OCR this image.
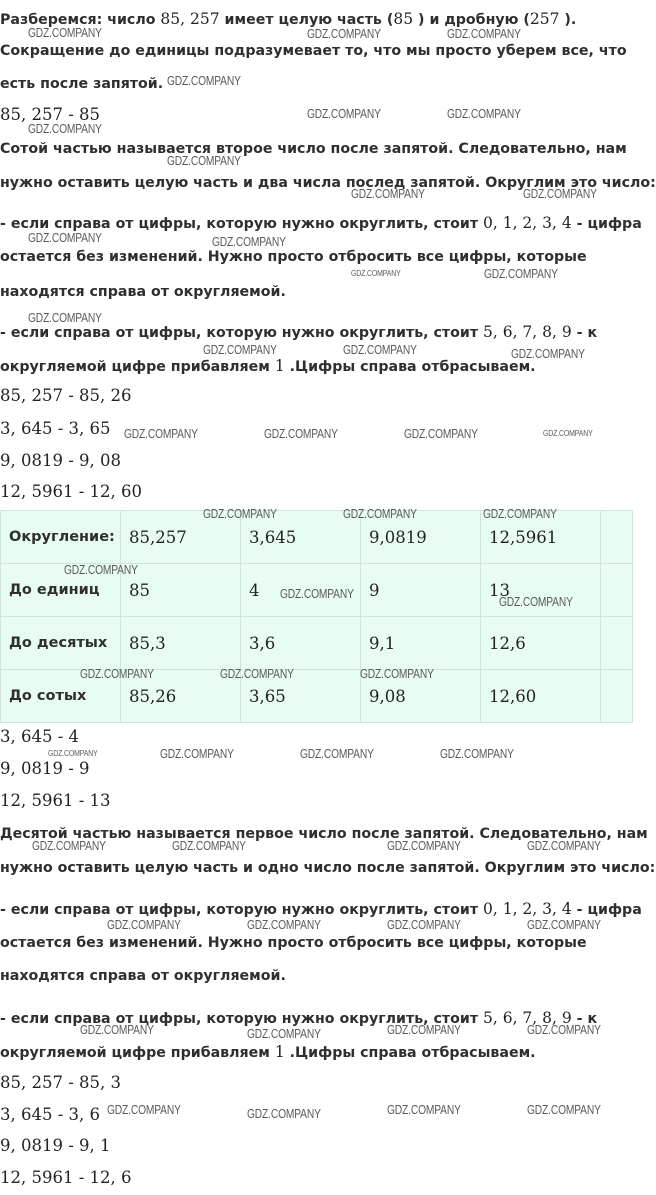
Разберемся: число 85, 257 имеет целую часть (85 ) и дробную (257 ).
Сокращение до единицы подразумевает то, что мы просто уберем все, что
есть после запятой.
85, 257 - 85
Сотой частью называется второе число после запятой. Следовательно, нам
нужно оставить целую часть и два числа послед запятой. Округлим это число:
- если справа от цифры, которую нужно округлить, стоит 0, 1, 2, 3, 4 - цифра
остается без изменений. Нужно просто отбросить все цифры, которые
находятся справа от округляемой.
- если справа от цифры, которую нужно округлить, стоит 5, 6, 7, 8, 9 - к
округляемой цифре прибавляем 1 .Цифры справа отбрасываем.
85, 257 - 85, 26
3, 645 - 3, 65
9, 0819 - 9, 08
12, 5961 - 12, 60
Округление:	85,257	3,645	9,0819	12,5961	
До единиц	85	4	9	13	
До десятых	85,3	3,6	9,1	12,6	
До сотых	85,26	3,65	9,08	12,60	
3, 645 - 4
9, 0819 - 9
12, 5961 - 13
Десятой частью называется первое число после запятой. Следовательно, нам
нужно оставить целую часть и одно число после запятой. Округлим это число:
- если справа от цифры, которую нужно округлить, стоит 0, 1, 2, 3, 4 - цифра
остается без изменений. Нужно просто отбросить все цифры, которые
находятся справа от округляемой.
- если справа от цифры, которую нужно округлить, стоит 5, 6, 7, 8, 9 - к
округляемой цифре прибавляем 1 .Цифры справа отбрасываем.
85, 257 - 85, 3
3, 645 - 3, 6
9, 0819 - 9, 1
12, 5961 - 12, 6
GDZ.COMPANY	GDZ.COMPANY	GDZ.COMPANY
GDZ.COMPANY
GDZ.COMPANY	GDZ.COMPANY
GDZ.COMPANY
GDZ.COMPANY
GDZ.COMPANY	GDZ.COMPANY
GDZ.COMPANY	GDZ.COMPANY
GDZ.COMPANY	GDZ.COMPANY
GDZ.COMPANY
GDZ.COMPANY	GDZ.COMPANY	GDZ.COMPANY
GDZ.COMPANY	GDZ.COMPANY	GDZ.COMPANY	GDZ.COMPANY
GDZ.COMPANY	GDZ.COMPANY	GDZ.COMPANY
GDZ.COMPANY
GDZ.COMPANY
GDZ.COMPANY
GDZ.COMPANY	GDZ.COMPANY	GDZ.COMPANY
GDZ.COMPANY	GDZ.COMPANY	GDZ.COMPANY	GDZ.COMPANY
GDZ.COMPANY	GDZ.COMPANY	GDZ.COMPANY	GDZ.COMPANY
GDZ.COMPANY	GDZ.COMPANY	GDZ.COMPANY	GDZ.COMPANY
GDZ.COMPANY	GDZ.COMPANY	GDZ.COMPANY	GDZ.COMPANY
GDZ.COMPANY	GDZ.COMPANY	GDZ.COMPANY	GDZ.COMPANY
